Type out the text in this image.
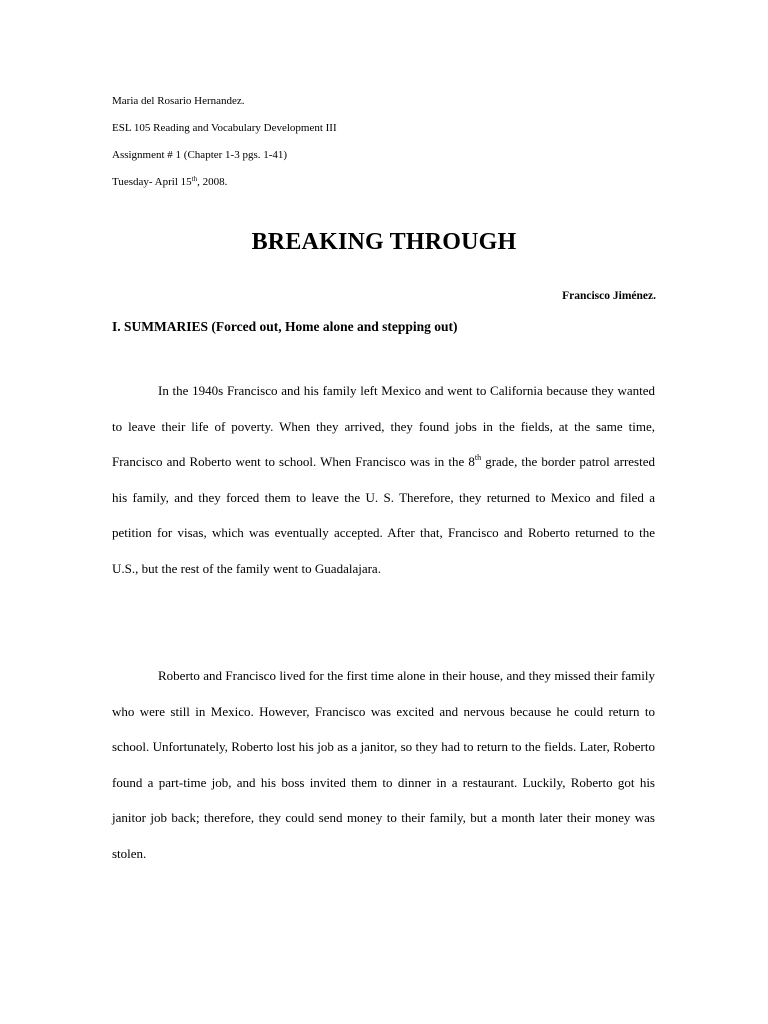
Maria del Rosario Hernandez.
ESL 105 Reading and Vocabulary Development III
Assignment # 1 (Chapter 1-3 pgs. 1-41)
Tuesday- April 15th, 2008.
BREAKING THROUGH
Francisco Jiménez.
I. SUMMARIES (Forced out, Home alone and stepping out)

In the 1940s Francisco and his family left Mexico and went to California because they wanted to leave their life of poverty. When they arrived, they found jobs in the fields, at the same time, Francisco and Roberto went to school. When Francisco was in the 8th grade, the border patrol arrested his family, and they forced them to leave the U. S. Therefore, they returned to Mexico and filed a petition for visas, which was eventually accepted. After that, Francisco and Roberto returned to the U.S., but the rest of the family went to Guadalajara.

Roberto and Francisco lived for the first time alone in their house, and they missed their family who were still in Mexico. However, Francisco was excited and nervous because he could return to school. Unfortunately, Roberto lost his job as a janitor, so they had to return to the fields. Later, Roberto found a part-time job, and his boss invited them to dinner in a restaurant. Luckily, Roberto got his janitor job back; therefore, they could send money to their family, but a month later their money was stolen.
